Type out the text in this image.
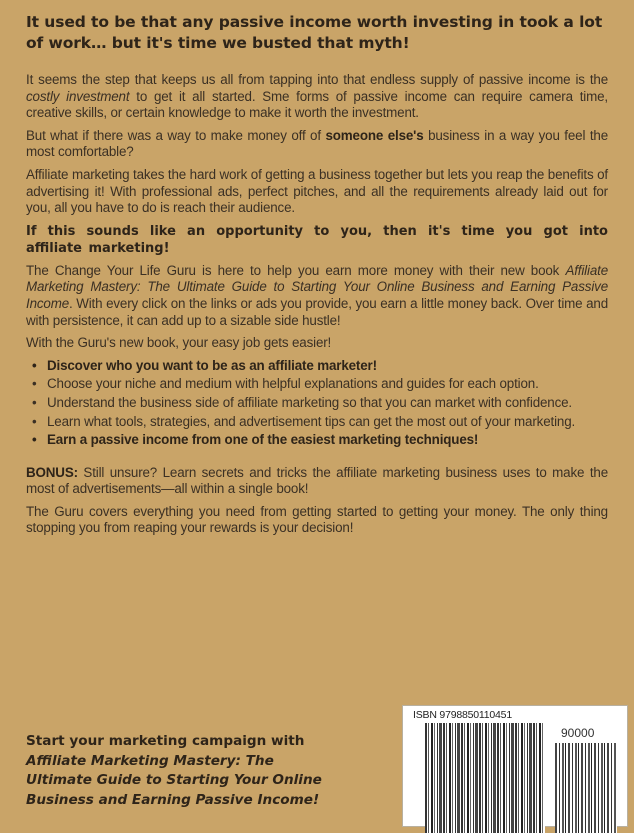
It used to be that any passive income worth investing in took a lot of work… but it's time we busted that myth!

It seems the step that keeps us all from tapping into that endless supply of passive income is the costly investment to get it all started. Sme forms of passive income can require camera time, creative skills, or certain knowledge to make it worth the investment.

But what if there was a way to make money off of someone else's business in a way you feel the most comfortable?

Affiliate marketing takes the hard work of getting a business together but lets you reap the benefits of advertising it! With professional ads, perfect pitches, and all the requirements already laid out for you, all you have to do is reach their audience.

If this sounds like an opportunity to you, then it's time you got into affiliate marketing!

The Change Your Life Guru is here to help you earn more money with their new book Affiliate Marketing Mastery: The Ultimate Guide to Starting Your Online Business and Earning Passive Income. With every click on the links or ads you provide, you earn a little money back. Over time and with persistence, it can add up to a sizable side hustle!

With the Guru's new book, your easy job gets easier!

• Discover who you want to be as an affiliate marketer!
• Choose your niche and medium with helpful explanations and guides for each option.
• Understand the business side of affiliate marketing so that you can market with confidence.
• Learn what tools, strategies, and advertisement tips can get the most out of your marketing.
• Earn a passive income from one of the easiest marketing techniques!

BONUS: Still unsure? Learn secrets and tricks the affiliate marketing business uses to make the most of advertisements—all within a single book!

The Guru covers everything you need from getting started to getting your money. The only thing stopping you from reaping your rewards is your decision!

Start your marketing campaign with Affiliate Marketing Mastery: The Ultimate Guide to Starting Your Online Business and Earning Passive Income!
ISBN 9798850110451
90000
